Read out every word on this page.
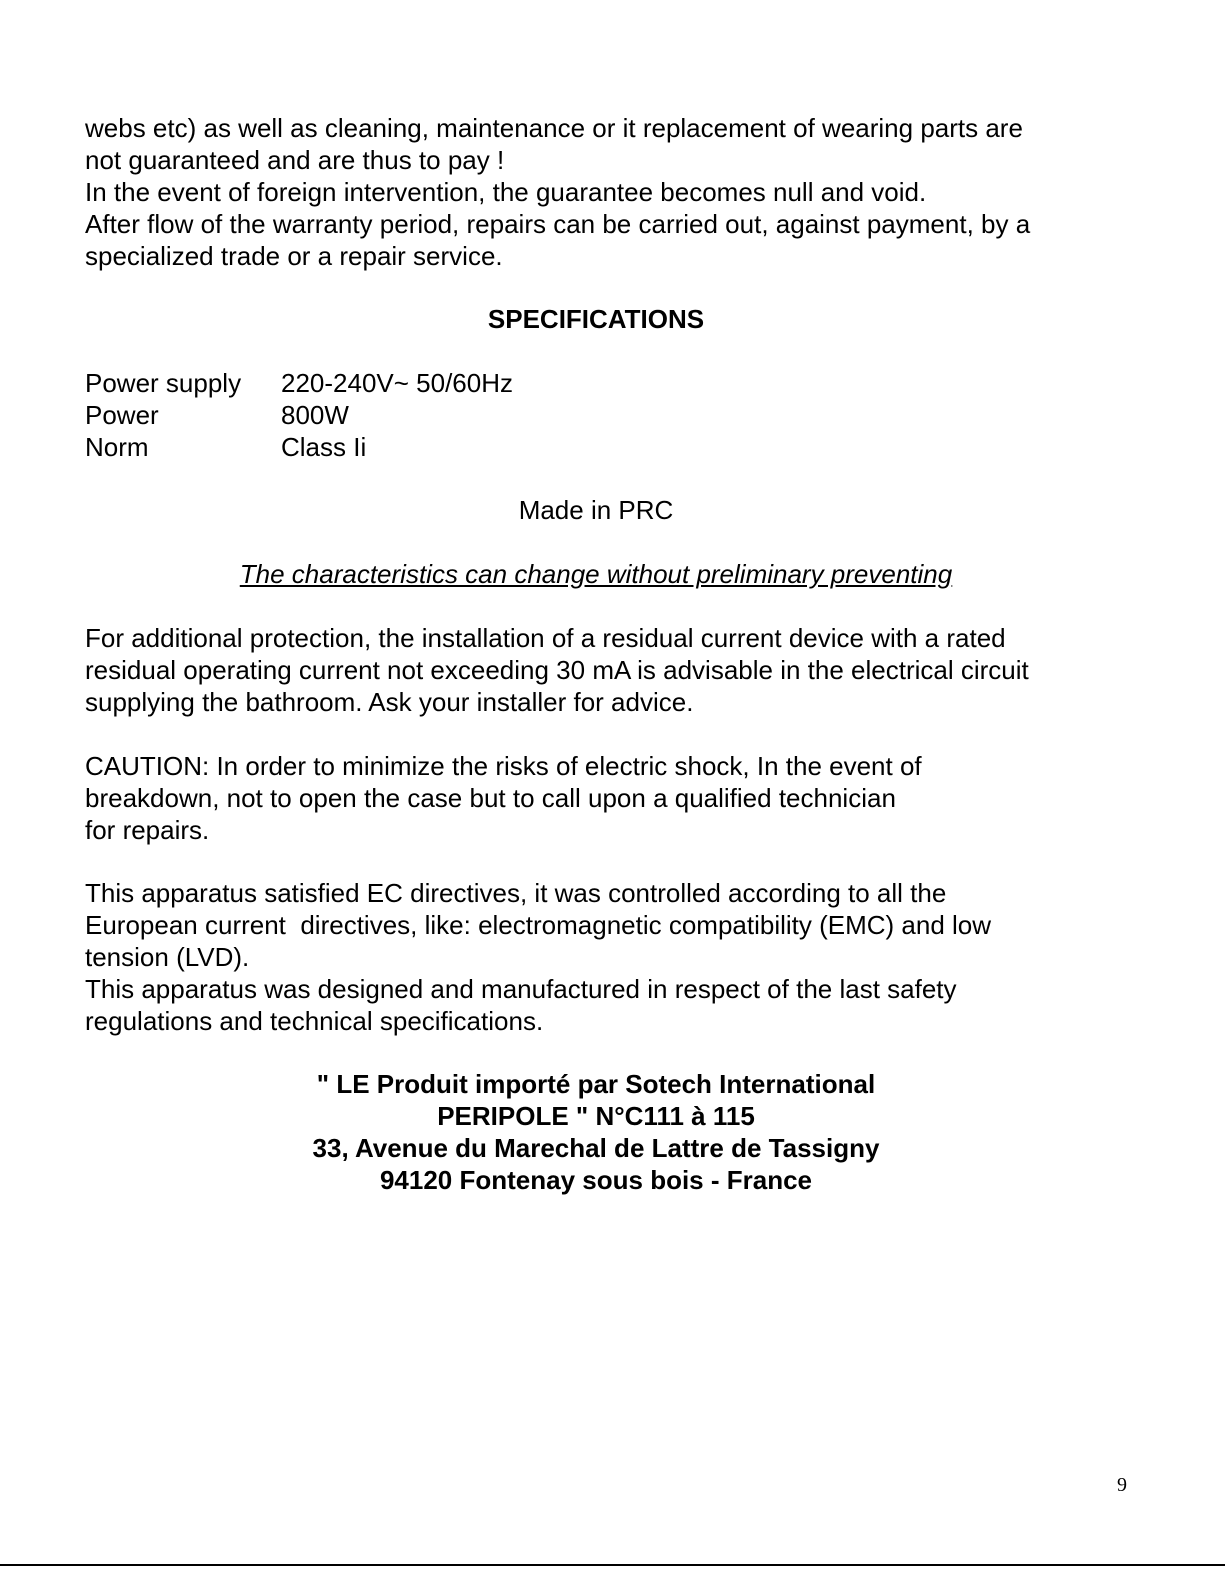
webs etc) as well as cleaning, maintenance or it replacement of wearing parts are
not guaranteed and are thus to pay !
In the event of foreign intervention, the guarantee becomes null and void.
After flow of the warranty period, repairs can be carried out, against payment, by a
specialized trade or a repair service.
SPECIFICATIONS
Power supply	220-240V~ 50/60Hz
Power	800W
Norm	Class Ii

Made in PRC

The characteristics can change without preliminary preventing

For additional protection, the installation of a residual current device with a rated
residual operating current not exceeding 30 mA is advisable in the electrical circuit
supplying the bathroom. Ask your installer for advice.
CAUTION: In order to minimize the risks of electric shock, In the event of
breakdown, not to open the case but to call upon a qualified technician
for repairs.
This apparatus satisfied EC directives, it was controlled according to all the
European current  directives, like: electromagnetic compatibility (EMC) and low
tension (LVD).
This apparatus was designed and manufactured in respect of the last safety
regulations and technical specifications.
" LE Produit importé par Sotech International
PERIPOLE " N°C111 à 115
33, Avenue du Marechal de Lattre de Tassigny
94120 Fontenay sous bois - France
9
